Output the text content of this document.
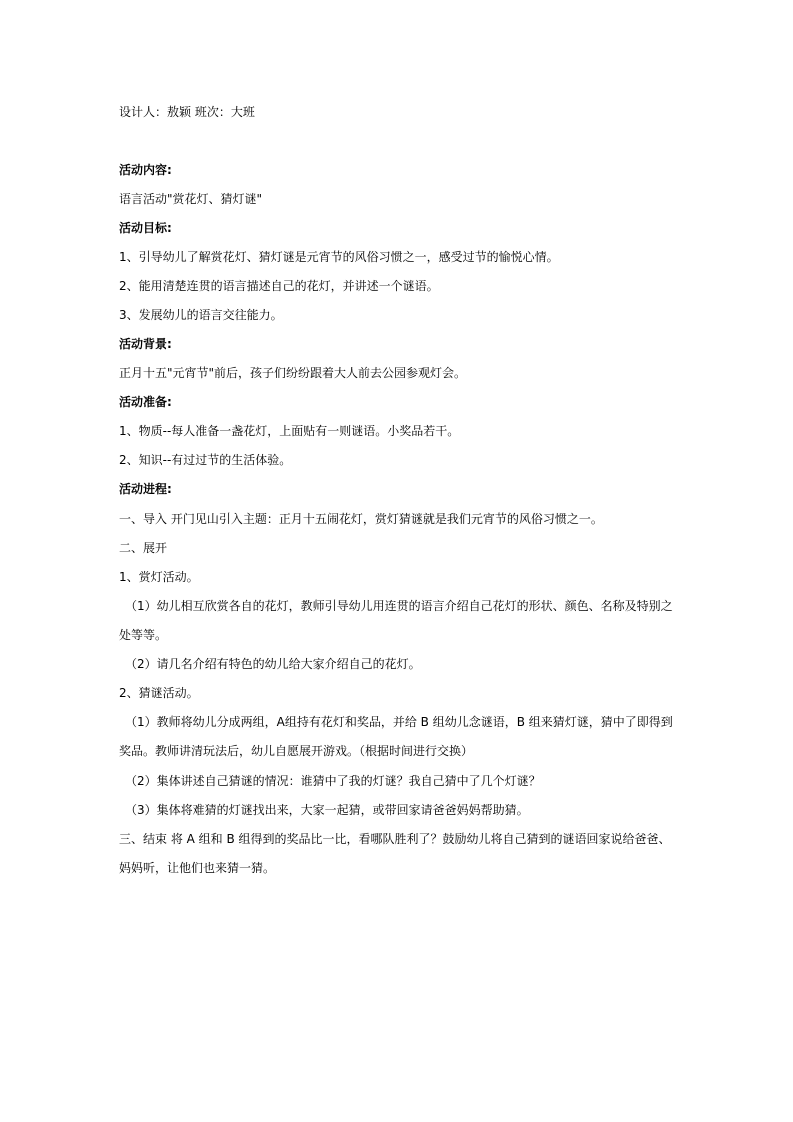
设计人：敖颖 班次：大班
活动内容:
语言活动"赏花灯、猜灯谜"
活动目标:
1、引导幼儿了解赏花灯、猜灯谜是元宵节的风俗习惯之一，感受过节的愉悦心情。
2、能用清楚连贯的语言描述自己的花灯，并讲述一个谜语。
3、发展幼儿的语言交往能力。
活动背景:
正月十五"元宵节"前后，孩子们纷纷跟着大人前去公园参观灯会。
活动准备:
1、物质--每人准备一盏花灯，上面贴有一则谜语。小奖品若干。
2、知识--有过过节的生活体验。
活动进程:
一、导入 开门见山引入主题：正月十五闹花灯，赏灯猜谜就是我们元宵节的风俗习惯之一。
二、展开
1、赏灯活动。
（1）幼儿相互欣赏各自的花灯，教师引导幼儿用连贯的语言介绍自己花灯的形状、颜色、名称及特别之
处等等。
（2）请几名介绍有特色的幼儿给大家介绍自己的花灯。
2、猜谜活动。
（1）教师将幼儿分成两组，A组持有花灯和奖品，并给 B 组幼儿念谜语，B 组来猜灯谜，猜中了即得到
奖品。教师讲清玩法后，幼儿自愿展开游戏。（根据时间进行交换）
（2）集体讲述自己猜谜的情况：谁猜中了我的灯谜？我自己猜中了几个灯谜？
（3）集体将难猜的灯谜找出来，大家一起猜，或带回家请爸爸妈妈帮助猜。
三、结束 将 A 组和 B 组得到的奖品比一比，看哪队胜利了？鼓励幼儿将自己猜到的谜语回家说给爸爸、
妈妈听，让他们也来猜一猜。
